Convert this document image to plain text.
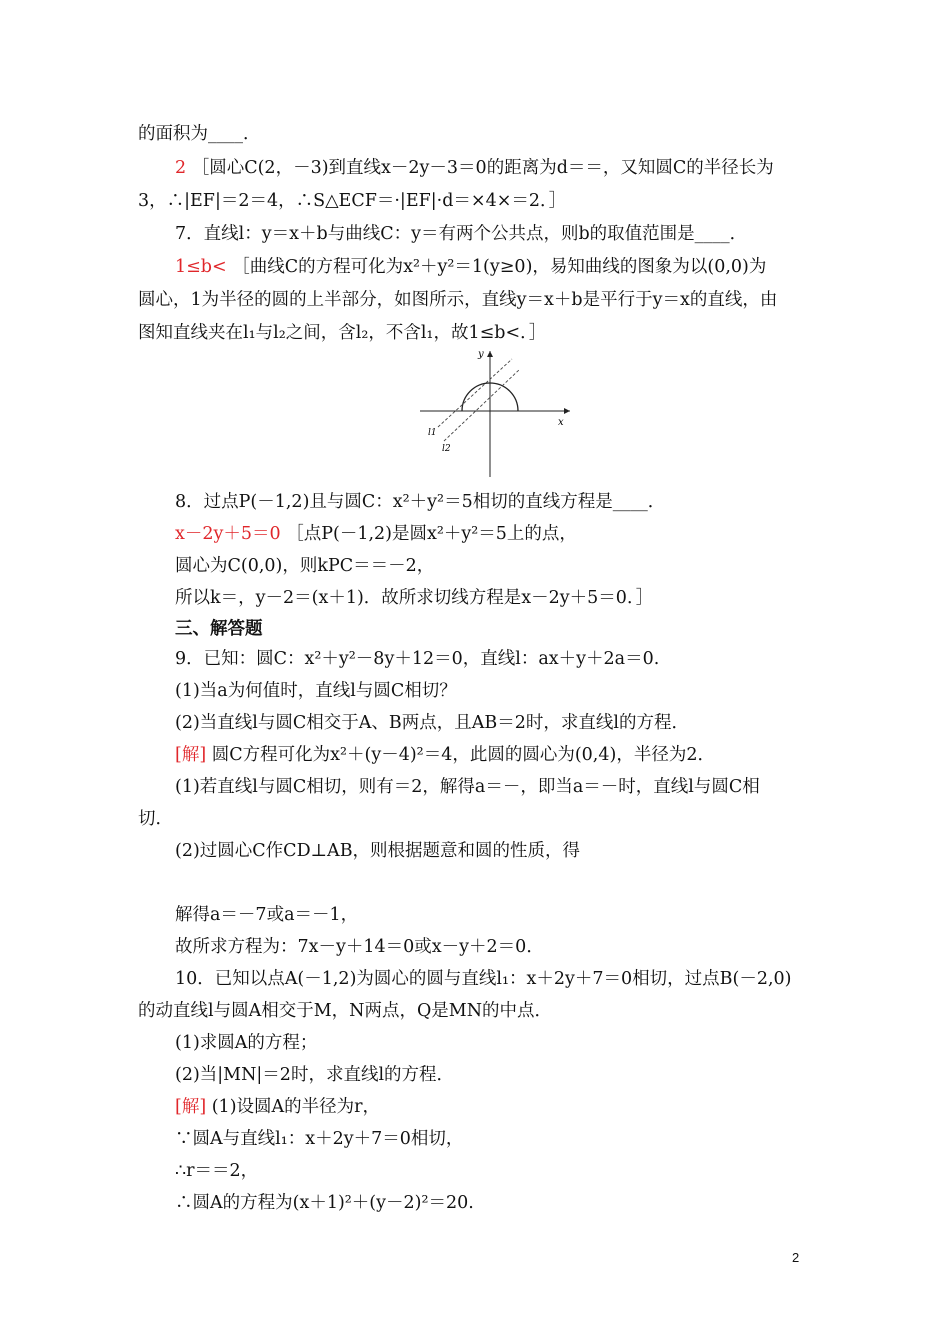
的面积为____．
2 ［圆心C(2，－3)到直线x－2y－3＝0的距离为d＝＝，又知圆C的半径长为
3，∴|EF|＝2＝4，∴S△ECF＝·|EF|·d＝×4×＝2．］
7．直线l：y＝x＋b与曲线C：y＝有两个公共点，则b的取值范围是____．
1≤b< ［曲线C的方程可化为x²＋y²＝1(y≥0)，易知曲线的图象为以(0,0)为
圆心，1为半径的圆的上半部分，如图所示，直线y＝x＋b是平行于y＝x的直线，由
图知直线夹在l₁与l₂之间，含l₂，不含l₁，故1≤b<．］
y
x
l1
l2
8．过点P(－1,2)且与圆C：x²＋y²＝5相切的直线方程是____．
x－2y＋5＝0 ［点P(－1,2)是圆x²＋y²＝5上的点，
圆心为C(0,0)，则kPC＝＝－2，
所以k＝，y－2＝(x＋1)．故所求切线方程是x－2y＋5＝0．］
三、解答题
9．已知：圆C：x²＋y²－8y＋12＝0，直线l：ax＋y＋2a＝0.
(1)当a为何值时，直线l与圆C相切？
(2)当直线l与圆C相交于A、B两点，且AB＝2时，求直线l的方程．
[解] 圆C方程可化为x²＋(y－4)²＝4，此圆的圆心为(0,4)，半径为2．
(1)若直线l与圆C相切，则有＝2，解得a＝－，即当a＝－时，直线l与圆C相
切．
(2)过圆心C作CD⊥AB，则根据题意和圆的性质，得
解得a＝－7或a＝－1，
故所求方程为：7x－y＋14＝0或x－y＋2＝0．
10．已知以点A(－1,2)为圆心的圆与直线l₁：x＋2y＋7＝0相切，过点B(－2,0)
的动直线l与圆A相交于M，N两点，Q是MN的中点．
(1)求圆A的方程；
(2)当|MN|＝2时，求直线l的方程．
[解] (1)设圆A的半径为r，
∵圆A与直线l₁：x＋2y＋7＝0相切，
∴r＝＝2，
∴圆A的方程为(x＋1)²＋(y－2)²＝20.
2
